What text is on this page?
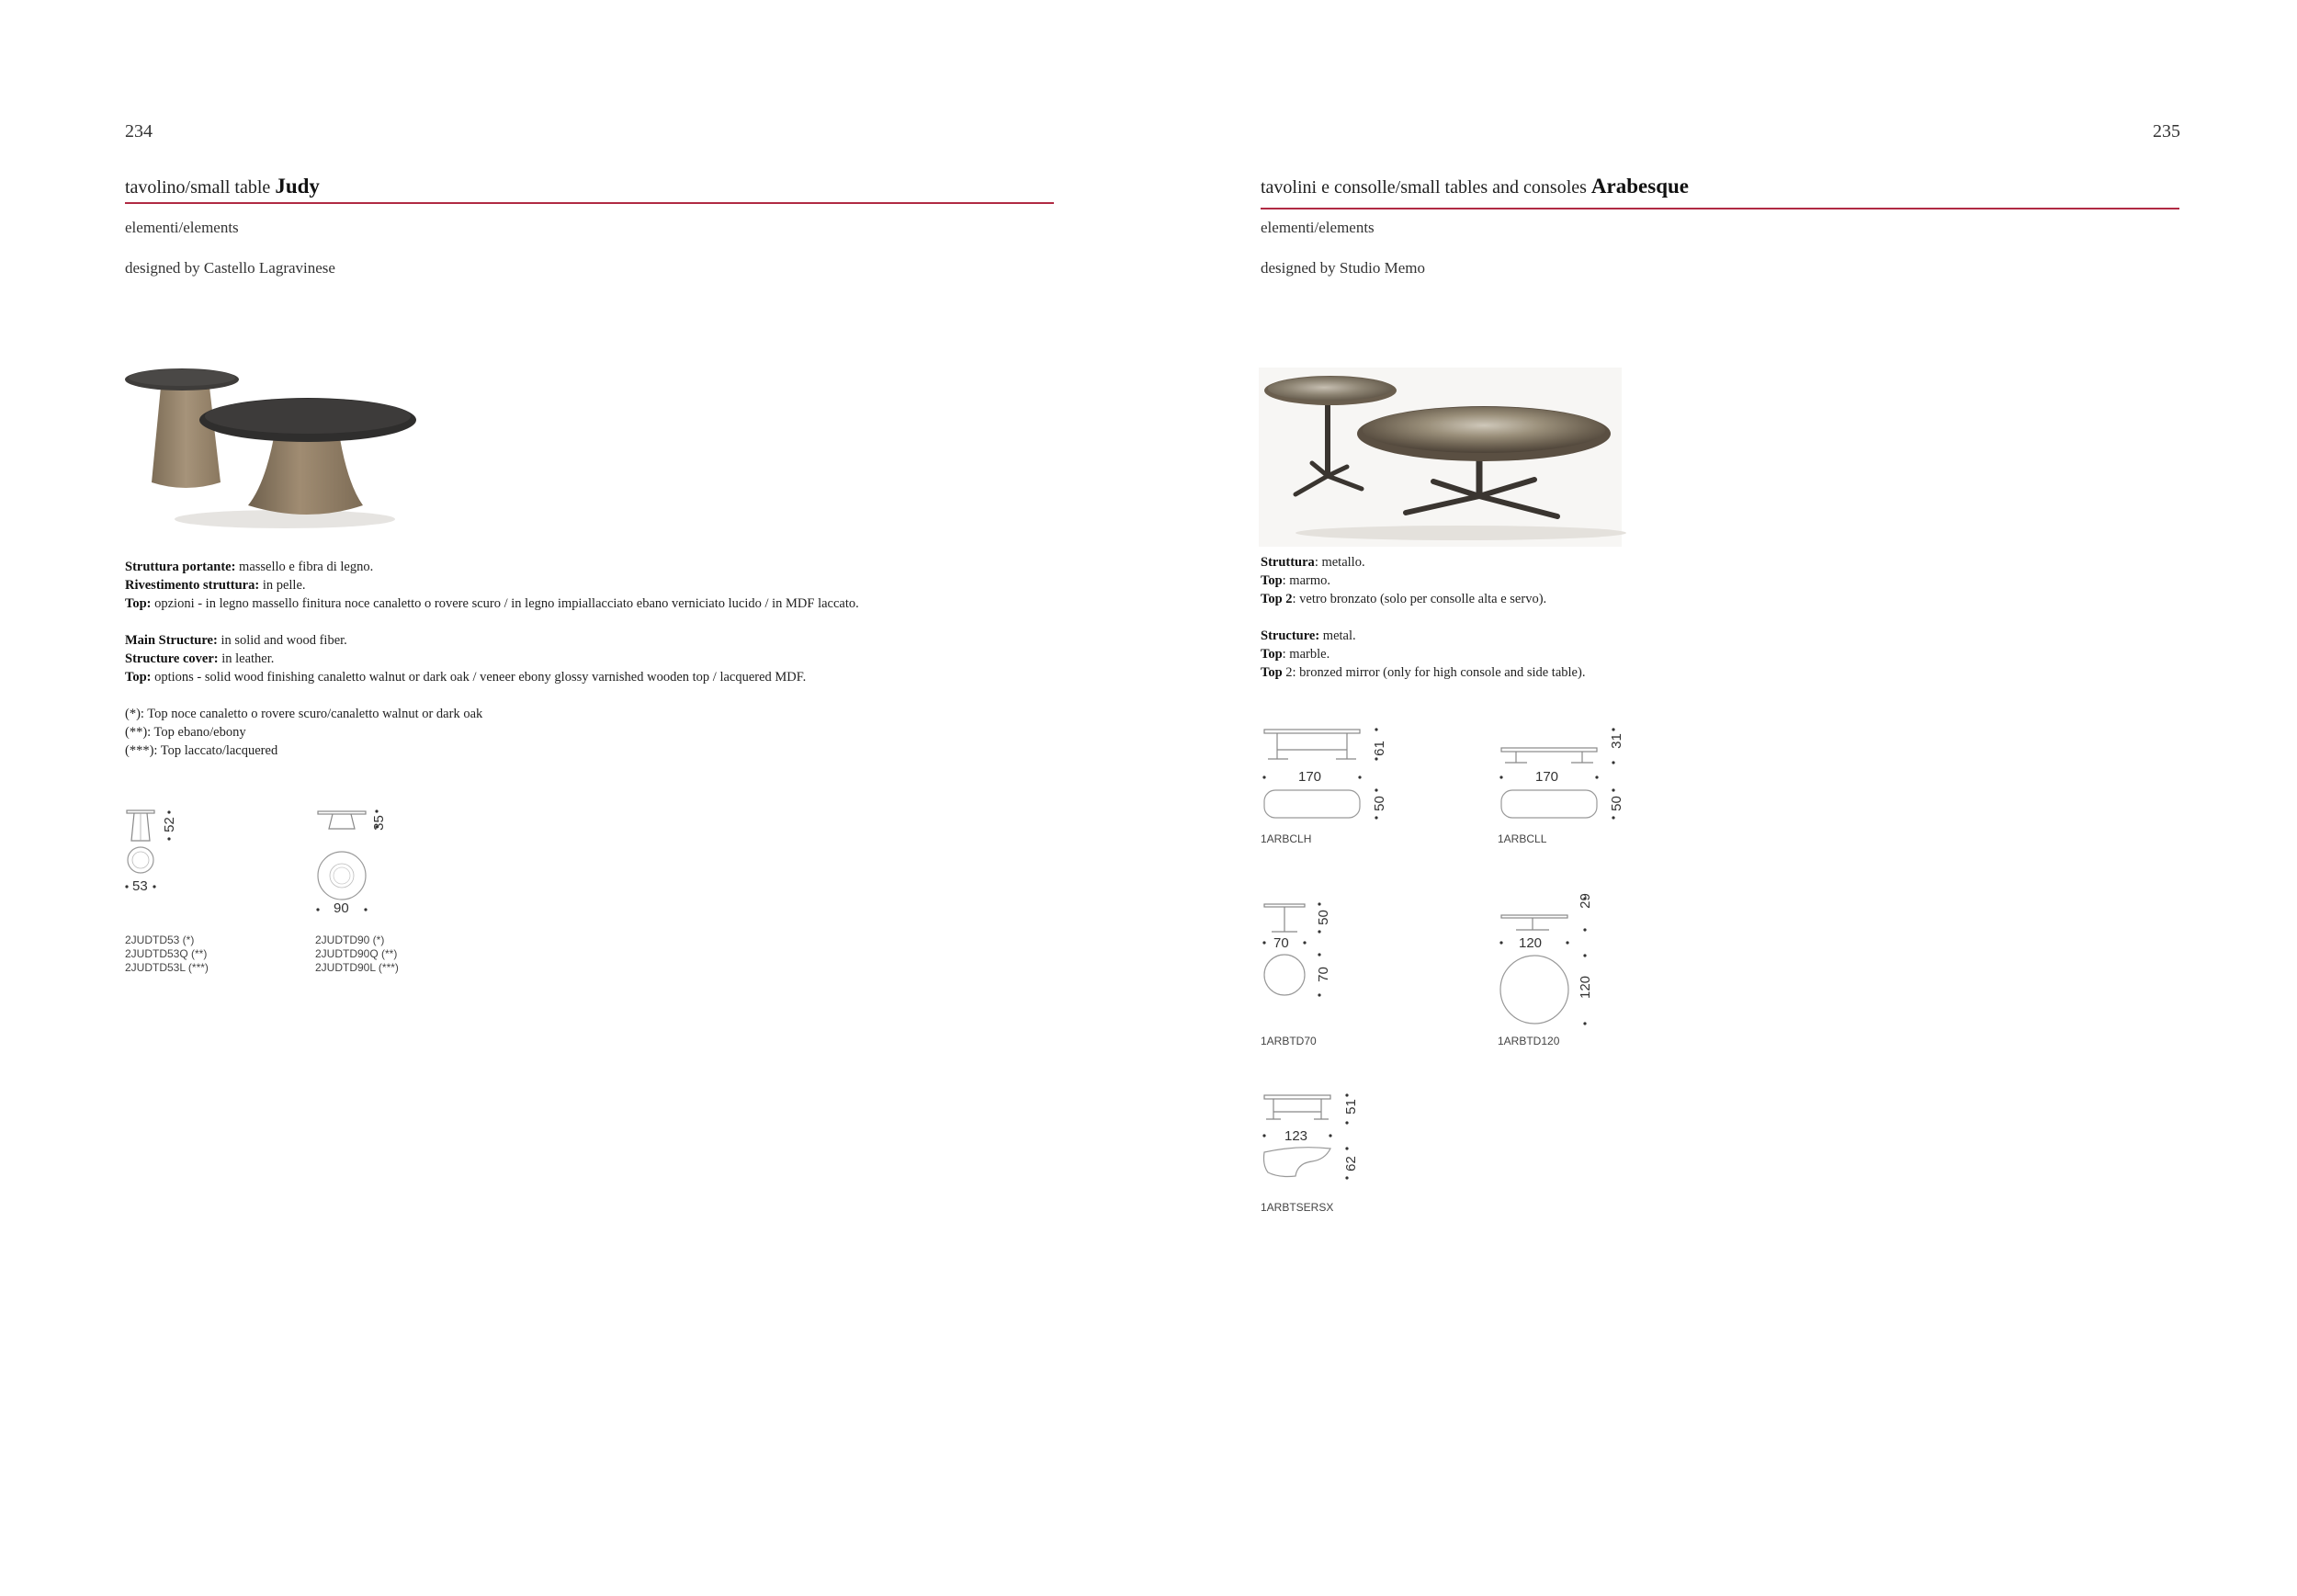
234
tavolino/small table Judy
elementi/elements
designed by Castello Lagravinese
Struttura portante: massello e fibra di legno.
Rivestimento struttura: in pelle.
Top: opzioni - in legno massello finitura noce canaletto o rovere scuro / in legno impiallacciato ebano verniciato lucido / in MDF laccato.
Main Structure: in solid and wood fiber.
Structure cover: in leather.
Top: options - solid wood finishing canaletto walnut or dark oak / veneer ebony glossy varnished wooden top / lacquered MDF.
(*): Top noce canaletto o rovere scuro/canaletto walnut or dark oak
(**): Top ebano/ebony
(***): Top laccato/lacquered
52
53
2JUDTD53 (*)
2JUDTD53Q (**)
2JUDTD53L (***)
35
90
2JUDTD90 (*)
2JUDTD90Q (**)
2JUDTD90L (***)
235
tavolini e consolle/small tables and consoles Arabesque
elementi/elements
designed by Studio Memo
Struttura: metallo.
Top: marmo.
Top 2: vetro bronzato (solo per consolle alta e servo).
Structure: metal.
Top: marble.
Top 2: bronzed mirror (only for high console and side table).
170
61
50
1ARBCLH
170
31
50
1ARBCLL
70
50
70
1ARBTD70
120
29
120
1ARBTD120
123
51
62
1ARBTSERSX
